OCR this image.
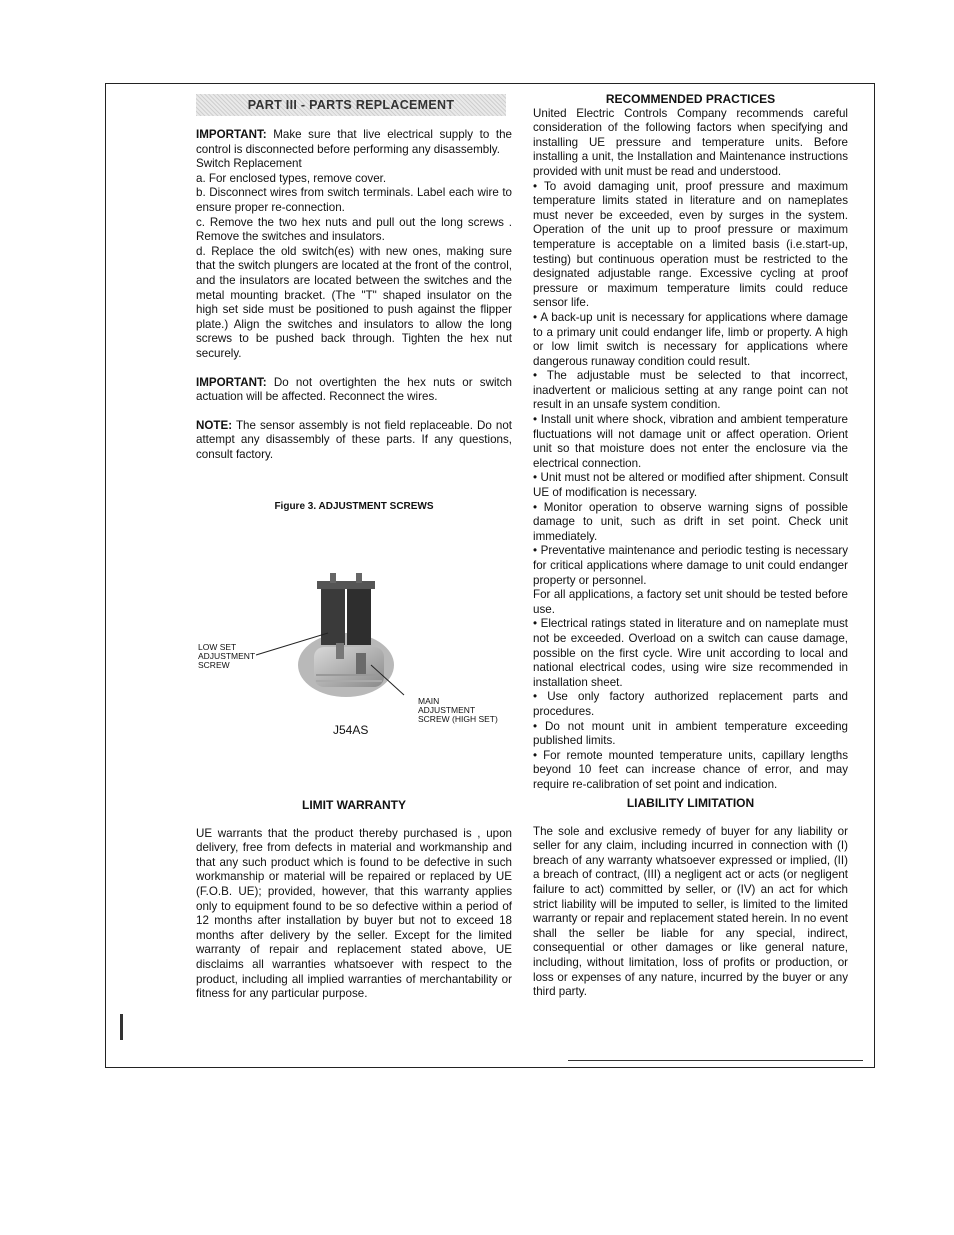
PART III - PARTS REPLACEMENT

IMPORTANT: Make sure that live electrical supply to the control is disconnected before performing any disassembly.

Switch Replacement

a. For enclosed types, remove cover.

b. Disconnect wires from switch terminals. Label each wire to ensure proper re-connection.

c. Remove the two hex nuts and pull out the long screws . Remove the switches and insulators.

d. Replace the old switch(es) with new ones, making sure that the switch plungers are located at the front of the control, and the insulators are located between the switches and the metal mounting bracket. (The "T" shaped insulator on the high set side must be positioned to push against the flipper plate.) Align the switches and insulators to allow the long screws to be pushed back through. Tighten the hex nut securely.

IMPORTANT: Do not overtighten the hex nuts or switch actuation will be affected. Reconnect the wires.

NOTE: The sensor assembly is not field replaceable. Do not attempt any disassembly of these parts. If any questions, consult factory.

Figure 3. ADJUSTMENT SCREWS

LOW SET
ADJUSTMENT
SCREW
MAIN
ADJUSTMENT
SCREW (HIGH SET)
J54AS

RECOMMENDED PRACTICES

United Electric Controls Company recommends careful consideration of the following factors when specifying and installing UE pressure and temperature units. Before installing a unit, the Installation and Maintenance instructions provided with unit must be read and understood.

• To avoid damaging unit, proof pressure and maximum temperature limits stated in literature and on nameplates must never be exceeded, even by surges in the system. Operation of the unit up to proof pressure or maximum temperature is acceptable on a limited basis (i.e.start-up, testing) but continuous operation must be restricted to the designated adjustable range. Excessive cycling at proof pressure or maximum temperature limits could reduce sensor life.

• A back-up unit is necessary for applications where damage to a primary unit could endanger life, limb or property. A high or low limit switch is necessary for applications where dangerous runaway condition could result.

• The adjustable must be selected to that incorrect, inadvertent or malicious setting at any range point can not result in an unsafe system condition.

• Install unit where shock, vibration and ambient temperature fluctuations will not damage unit or affect operation. Orient unit so that moisture does not enter the enclosure via the electrical connection.

• Unit must not be altered or modified after shipment. Consult UE of modification is necessary.

• Monitor operation to observe warning signs of possible damage to unit, such as drift in set point. Check unit immediately.

• Preventative maintenance and periodic testing is necessary for critical applications where damage to unit could endanger property or personnel.

For all applications, a factory set unit should be tested before use.

• Electrical ratings stated in literature and on nameplate must not be exceeded. Overload on a switch can cause damage, possible on the first cycle. Wire unit according to local and national electrical codes, using wire size recommended in installation sheet.

• Use only factory authorized replacement parts and procedures.

• Do not mount unit in ambient temperature exceeding published limits.

• For remote mounted temperature units, capillary lengths beyond 10 feet can increase chance of error, and may require re-calibration of set point and indication.

LIMIT WARRANTY

UE warrants that the product thereby purchased is , upon delivery, free from defects in material and workmanship and that any such product which is found to be defective in such workmanship or material will be repaired or replaced by UE (F.O.B. UE); provided, however, that this warranty applies only to equipment found to be so defective within a period of 12 months after installation by buyer but not to exceed 18 months after delivery by the seller. Except for the limited warranty of repair and replacement stated above, UE disclaims all warranties whatsoever with respect to the product, including all implied warranties of merchantability or fitness for any particular purpose.

LIABILITY LIMITATION

The sole and exclusive remedy of buyer for any liability or seller for any claim, including incurred in connection with (I) breach of any warranty whatsoever expressed or implied, (II) a breach of contract, (III) a negligent act or acts (or negligent failure to act) committed by seller, or (IV) an act for which strict liability will be imputed to seller, is limited to the limited warranty or repair and replacement stated herein. In no event shall the seller be liable for any special, indirect, consequential or other damages or like general nature, including, without limitation, loss of profits or production, or loss or expenses of any nature, incurred by the buyer or any third party.
